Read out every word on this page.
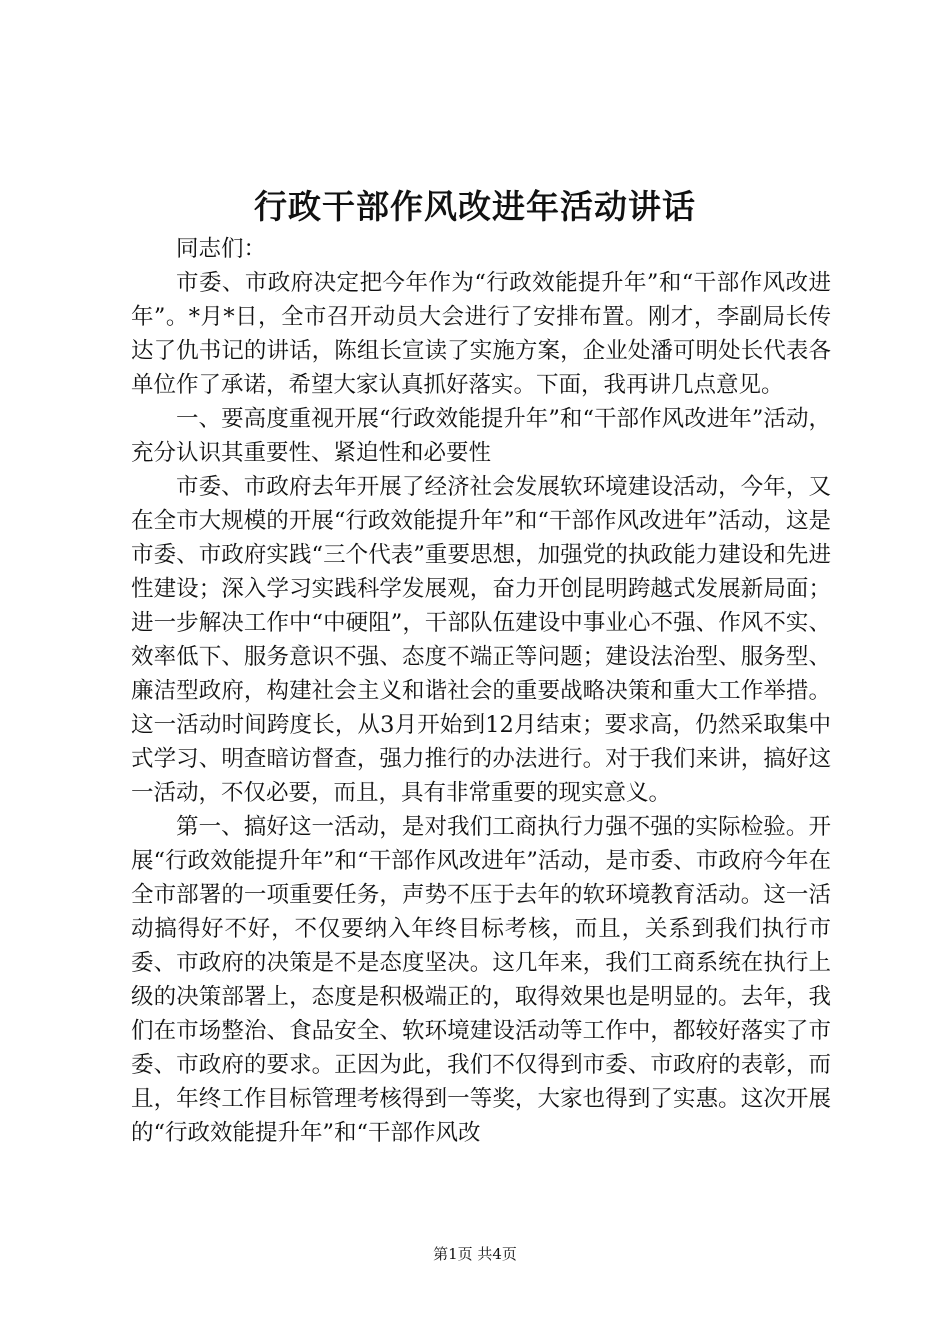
行政干部作风改进年活动讲话

同志们：

市委、市政府决定把今年作为“行政效能提升年”和“干部作风改进年”。*月*日，全市召开动员大会进行了安排布置。刚才，李副局长传达了仇书记的讲话，陈组长宣读了实施方案，企业处潘可明处长代表各单位作了承诺，希望大家认真抓好落实。下面，我再讲几点意见。

一、要高度重视开展“行政效能提升年”和“干部作风改进年”活动，充分认识其重要性、紧迫性和必要性

市委、市政府去年开展了经济社会发展软环境建设活动，今年，又在全市大规模的开展“行政效能提升年”和“干部作风改进年”活动，这是市委、市政府实践“三个代表”重要思想，加强党的执政能力建设和先进性建设；深入学习实践科学发展观，奋力开创昆明跨越式发展新局面；进一步解决工作中“中硬阻”，干部队伍建设中事业心不强、作风不实、效率低下、服务意识不强、态度不端正等问题；建设法治型、服务型、廉洁型政府，构建社会主义和谐社会的重要战略决策和重大工作举措。这一活动时间跨度长，从3月开始到12月结束；要求高，仍然采取集中式学习、明查暗访督查，强力推行的办法进行。对于我们来讲，搞好这一活动，不仅必要，而且，具有非常重要的现实意义。

第一、搞好这一活动，是对我们工商执行力强不强的实际检验。开展“行政效能提升年”和“干部作风改进年”活动，是市委、市政府今年在全市部署的一项重要任务，声势不压于去年的软环境教育活动。这一活动搞得好不好，不仅要纳入年终目标考核，而且，关系到我们执行市委、市政府的决策是不是态度坚决。这几年来，我们工商系统在执行上级的决策部署上，态度是积极端正的，取得效果也是明显的。去年，我们在市场整治、食品安全、软环境建设活动等工作中，都较好落实了市委、市政府的要求。正因为此，我们不仅得到市委、市政府的表彰，而且，年终工作目标管理考核得到一等奖，大家也得到了实惠。这次开展的“行政效能提升年”和“干部作风改

第1页 共4页
